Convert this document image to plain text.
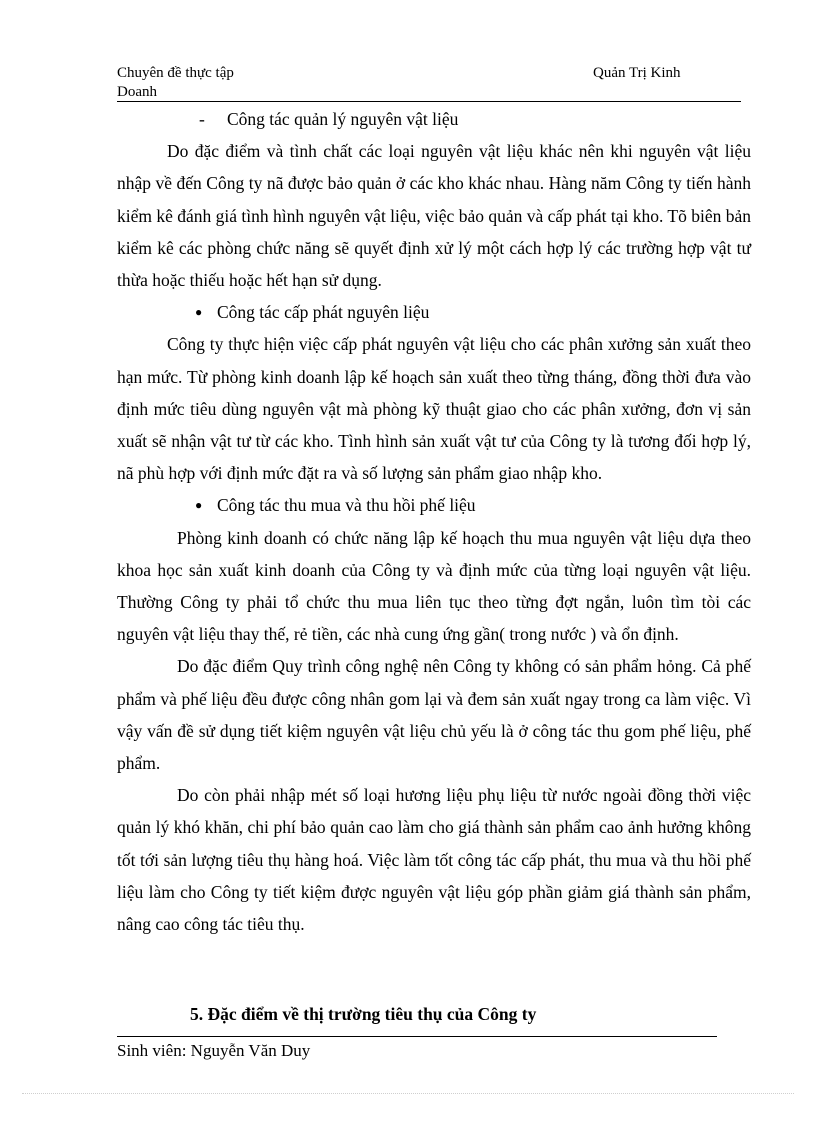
Chuyên đề thực tập
Doanh
Quản Trị Kinh

- Công tác quản lý nguyên vật liệu

Do đặc điểm và tình chất các loại nguyên vật liệu khác nên khi nguyên vật liệu nhập về đến Công ty nã được bảo quản ở các kho khác nhau. Hàng năm Công ty tiến hành kiểm kê đánh giá tình hình nguyên vật liệu, việc bảo quản và cấp phát tại kho. Tõ biên bản kiểm kê các phòng chức năng sẽ quyết định xử lý một cách hợp lý các trường hợp vật tư thừa hoặc thiếu hoặc hết hạn sử dụng.

● Công tác cấp phát nguyên liệu

Công ty thực hiện việc cấp phát nguyên vật liệu cho các phân xưởng sản xuất theo hạn mức. Từ phòng kinh doanh lập kế hoạch sản xuất theo từng tháng, đồng thời đưa vào định mức tiêu dùng nguyên vật mà phòng kỹ thuật giao cho các phân xưởng, đơn vị sản xuất sẽ nhận vật tư từ các kho. Tình hình sản xuất vật tư của Công ty là tương đối hợp lý, nã phù hợp với định mức đặt ra và số lượng sản phẩm giao nhập kho.

● Công tác thu mua và thu hồi phế liệu

Phòng kinh doanh có chức năng lập kế hoạch thu mua nguyên vật liệu dựa theo khoa học sản xuất kinh doanh của Công ty và định mức của từng loại nguyên vật liệu. Thường Công ty phải tổ chức thu mua liên tục theo từng đợt ngắn, luôn tìm tòi các nguyên vật liệu thay thế, rẻ tiền, các nhà cung ứng gần( trong nước ) và ổn định.

Do đặc điểm Quy trình công nghệ nên Công ty không có sản phẩm hỏng. Cả phế phẩm và phế liệu đều được công nhân gom lại và đem sản xuất ngay trong ca làm việc. Vì vậy vấn đề sử dụng tiết kiệm nguyên vật liệu chủ yếu là ở công tác thu gom phế liệu, phế phẩm.

Do còn phải nhập mét số loại hương liệu phụ liệu từ nước ngoài đồng thời việc quản lý khó khăn, chi phí bảo quản cao làm cho giá thành sản phẩm cao ảnh hưởng không tốt tới sản lượng tiêu thụ hàng hoá. Việc làm tốt công tác cấp phát, thu mua và thu hồi phế liệu làm cho Công ty tiết kiệm được nguyên vật liệu góp phần giảm giá thành sản phẩm, nâng cao công tác tiêu thụ.

5. Đặc điểm về thị trường tiêu thụ của Công ty
Sinh viên: Nguyễn Văn Duy
